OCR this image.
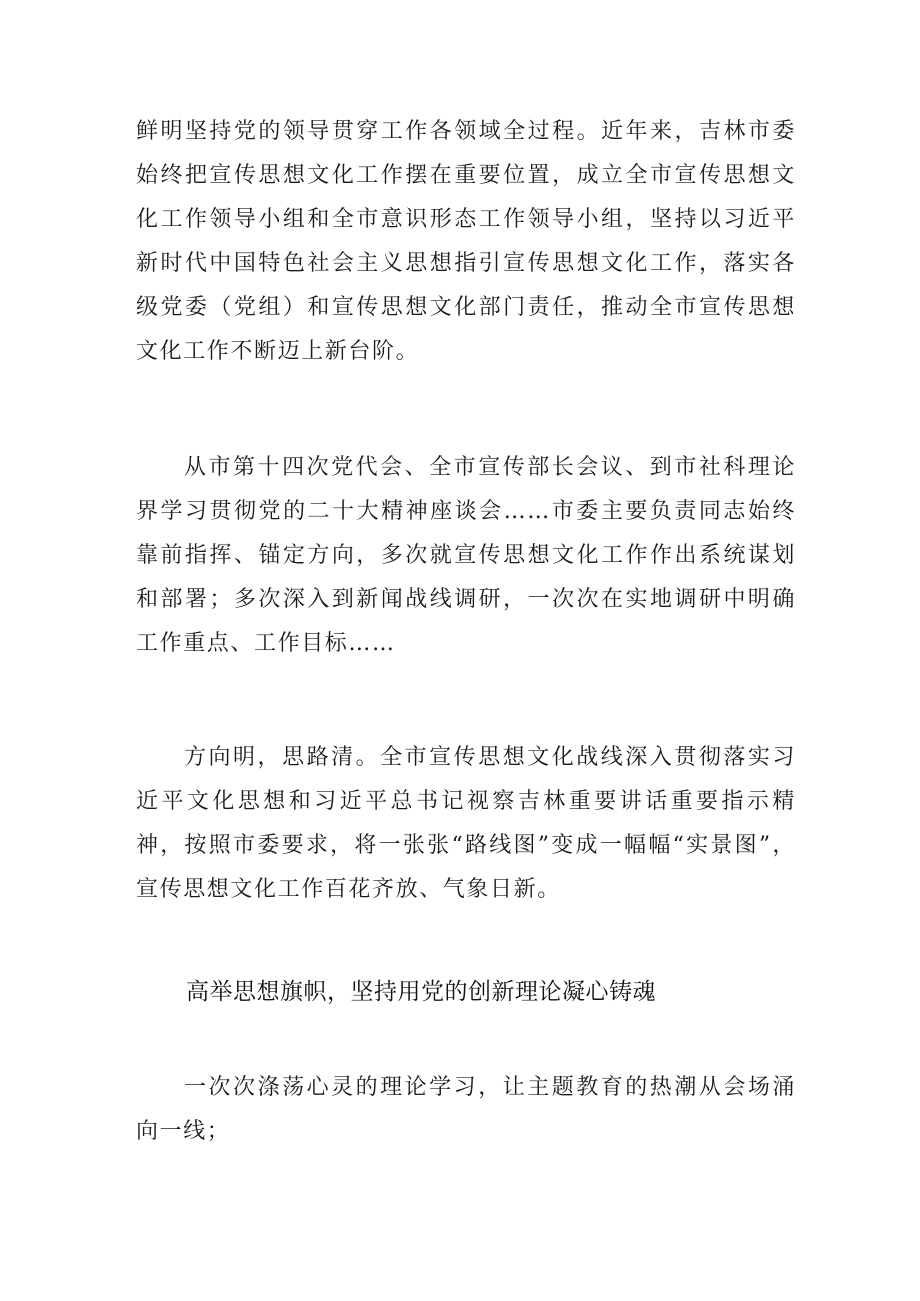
鲜明坚持党的领导贯穿工作各领域全过程。近年来，吉林市委始终把宣传思想文化工作摆在重要位置，成立全市宣传思想文化工作领导小组和全市意识形态工作领导小组，坚持以习近平新时代中国特色社会主义思想指引宣传思想文化工作，落实各级党委（党组）和宣传思想文化部门责任，推动全市宣传思想文化工作不断迈上新台阶。

从市第十四次党代会、全市宣传部长会议、到市社科理论界学习贯彻党的二十大精神座谈会……市委主要负责同志始终靠前指挥、锚定方向，多次就宣传思想文化工作作出系统谋划和部署；多次深入到新闻战线调研，一次次在实地调研中明确工作重点、工作目标……

方向明，思路清。全市宣传思想文化战线深入贯彻落实习近平文化思想和习近平总书记视察吉林重要讲话重要指示精神，按照市委要求，将一张张“路线图”变成一幅幅“实景图”，宣传思想文化工作百花齐放、气象日新。

高举思想旗帜，坚持用党的创新理论凝心铸魂

一次次涤荡心灵的理论学习，让主题教育的热潮从会场涌向一线；
